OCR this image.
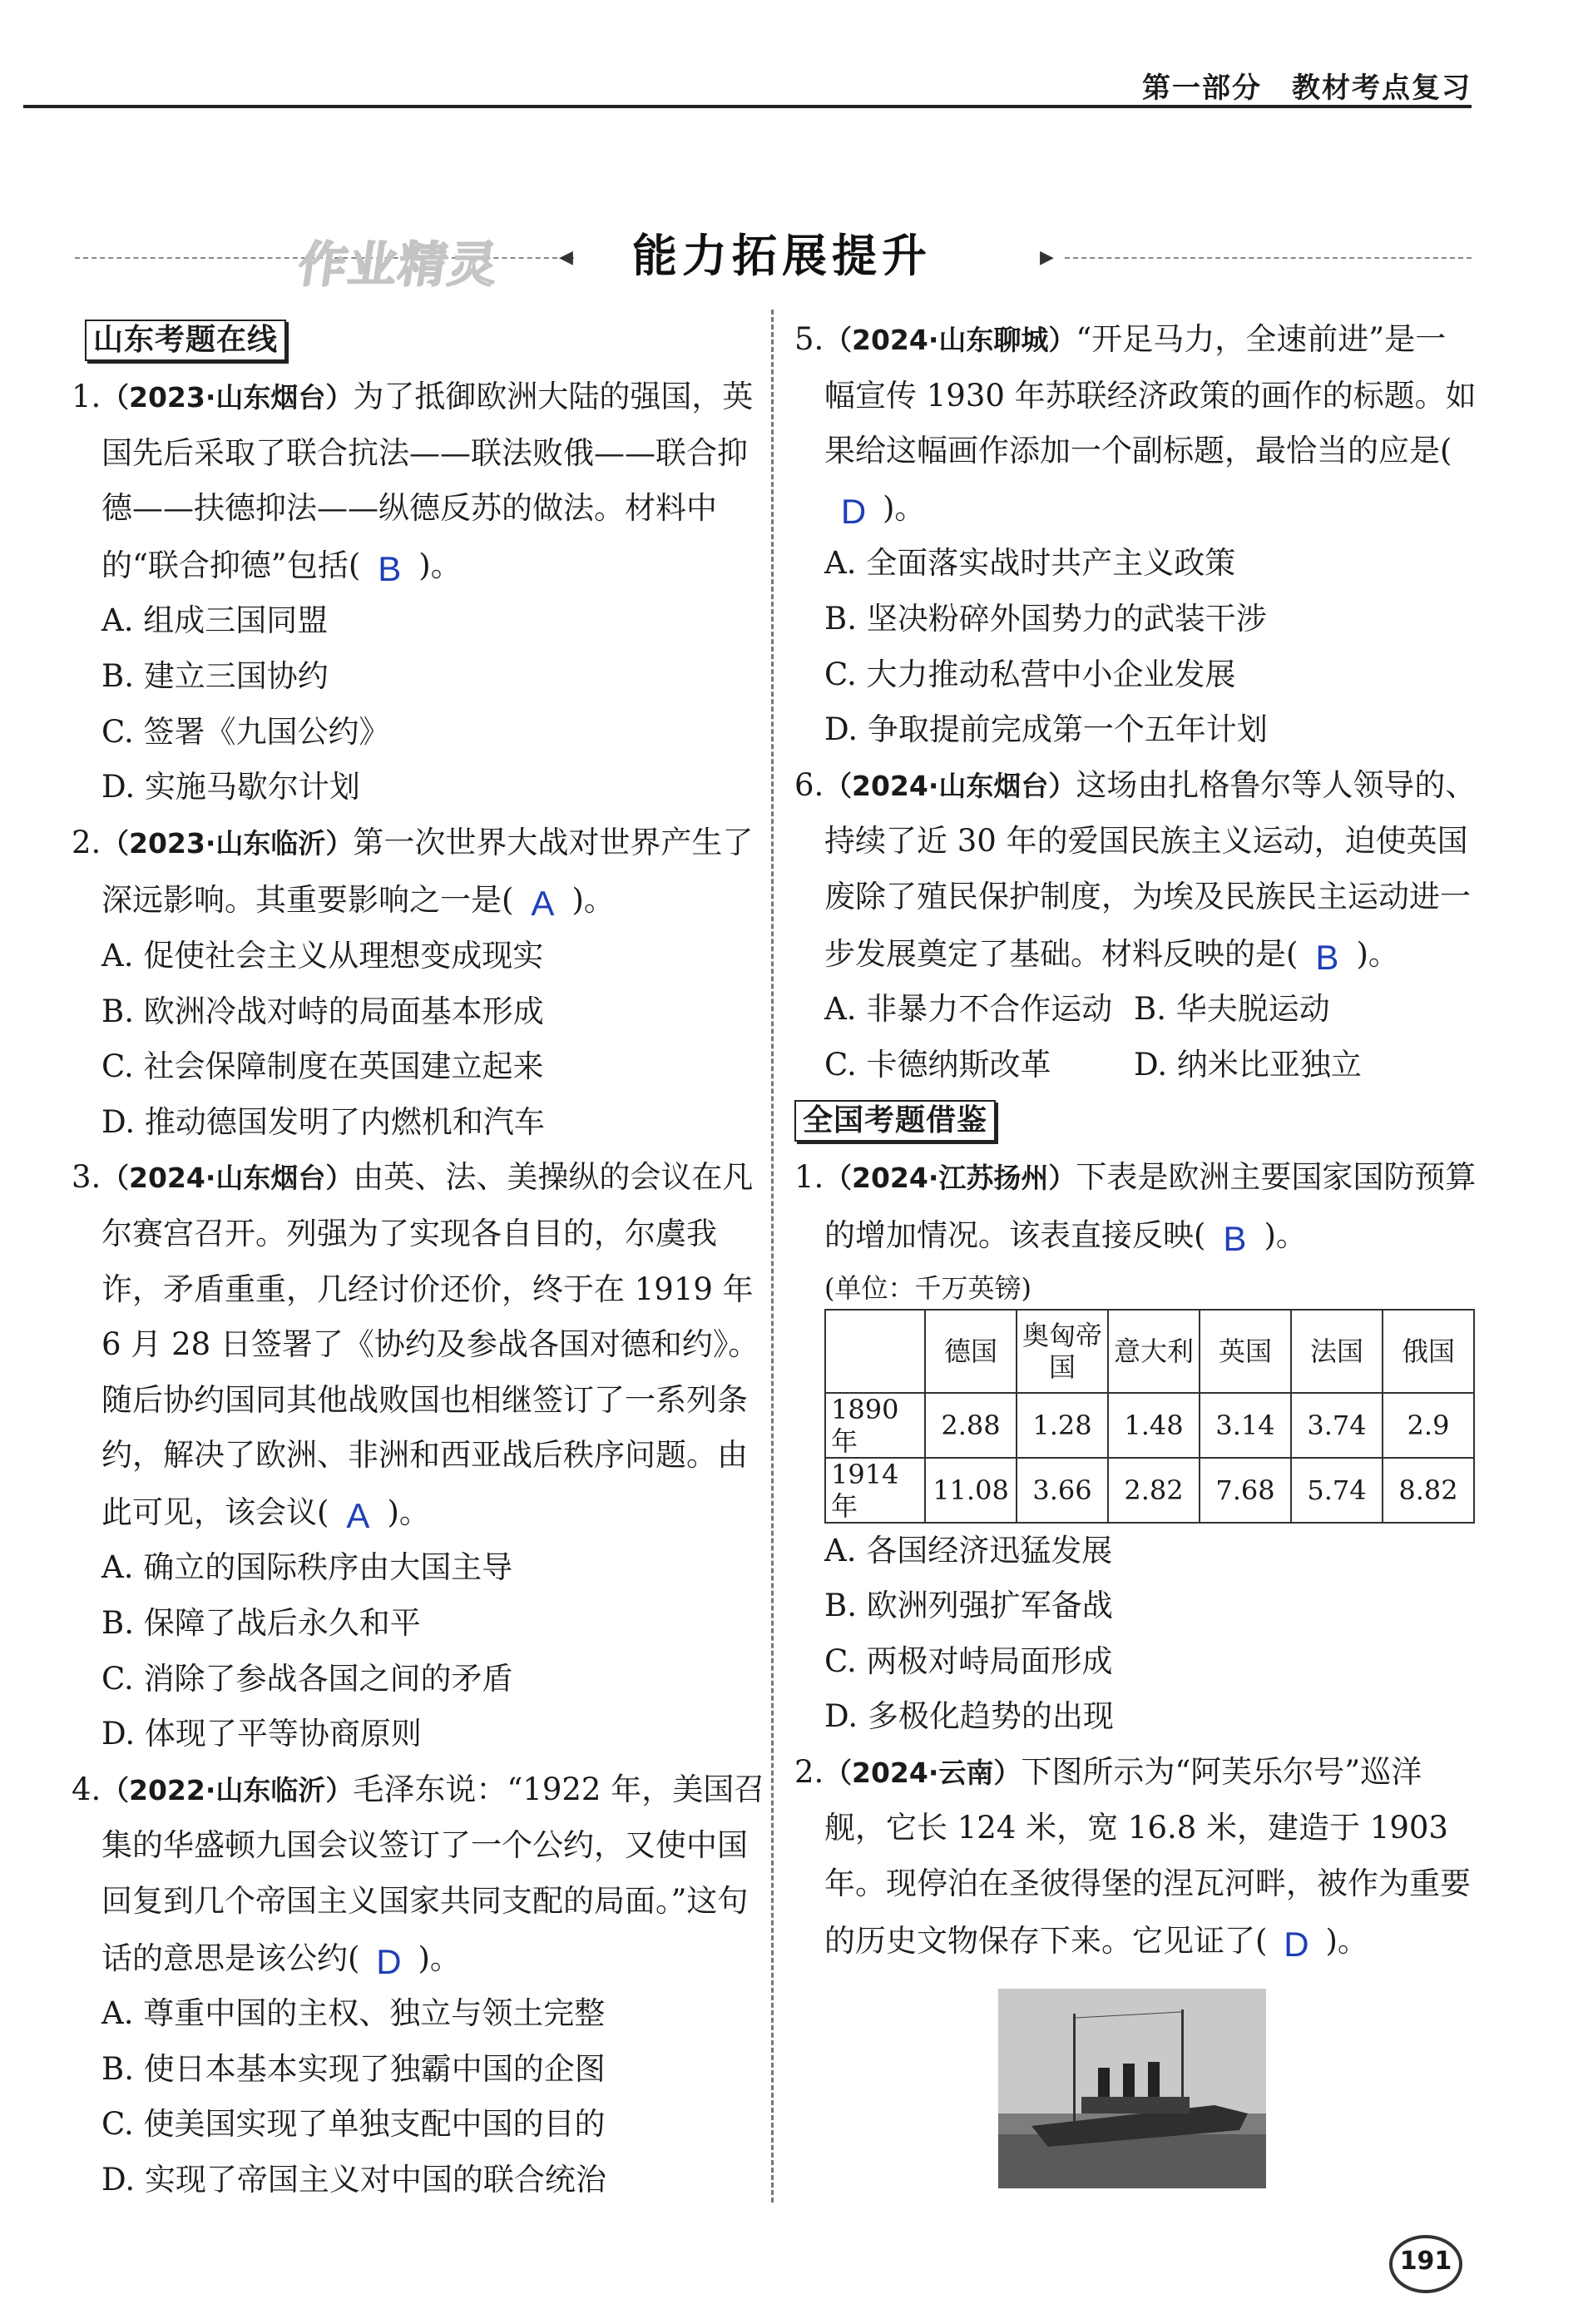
第一部分　教材考点复习
作业精灵	◀ 能力拓展提升	▶
山东考题在线
1. （2023·山东烟台）为了抵御欧洲大陆的强国，英国先后采取了联合抗法——联法败俄——联合抑德——扶德抑法——纵德反苏的做法。材料中的“联合抑德”包括( B )。
A. 组成三国同盟
B. 建立三国协约
C. 签署《九国公约》
D. 实施马歇尔计划
2. （2023·山东临沂）第一次世界大战对世界产生了深远影响。其重要影响之一是( A )。
A. 促使社会主义从理想变成现实
B. 欧洲冷战对峙的局面基本形成
C. 社会保障制度在英国建立起来
D. 推动德国发明了内燃机和汽车
3. （2024·山东烟台）由英、法、美操纵的会议在凡尔赛宫召开。列强为了实现各自目的，尔虞我诈，矛盾重重，几经讨价还价，终于在 1919 年 6 月 28 日签署了《协约及参战各国对德和约》。随后协约国同其他战败国也相继签订了一系列条约，解决了欧洲、非洲和西亚战后秩序问题。由此可见，该会议( A )。
A. 确立的国际秩序由大国主导
B. 保障了战后永久和平
C. 消除了参战各国之间的矛盾
D. 体现了平等协商原则
4. （2022·山东临沂）毛泽东说：“1922 年，美国召集的华盛顿九国会议签订了一个公约，又使中国回复到几个帝国主义国家共同支配的局面。”这句话的意思是该公约( D )。
A. 尊重中国的主权、独立与领土完整
B. 使日本基本实现了独霸中国的企图
C. 使美国实现了单独支配中国的目的
D. 实现了帝国主义对中国的联合统治
5. （2024·山东聊城）“开足马力，全速前进”是一幅宣传 1930 年苏联经济政策的画作的标题。如果给这幅画作添加一个副标题，最恰当的应是(D )。
A. 全面落实战时共产主义政策
B. 坚决粉碎外国势力的武装干涉
C. 大力推动私营中小企业发展
D. 争取提前完成第一个五年计划
6. （2024·山东烟台）这场由扎格鲁尔等人领导的、持续了近 30 年的爱国民族主义运动，迫使英国废除了殖民保护制度，为埃及民族民主运动进一步发展奠定了基础。材料反映的是( B )。
A. 非暴力不合作运动 B. 华夫脱运动
C. 卡德纳斯改革	D. 纳米比亚独立
全国考题借鉴
1. （2024·江苏扬州）下表是欧洲主要国家国防预算的增加情况。该表直接反映( B )。
(单位：千万英镑)
	德国	奥匈帝国	意大利	英国	法国	俄国
1890 年	2.88	1.28	1.48	3.14	3.74	2.9
1914 年	11.08	3.66	2.82	7.68	5.74	8.82
A. 各国经济迅猛发展
B. 欧洲列强扩军备战
C. 两极对峙局面形成
D. 多极化趋势的出现
2. （2024·云南）下图所示为“阿芙乐尔号”巡洋舰，它长 124 米，宽 16.8 米，建造于 1903 年。现停泊在圣彼得堡的涅瓦河畔，被作为重要的历史文物保存下来。它见证了( D )。
191
